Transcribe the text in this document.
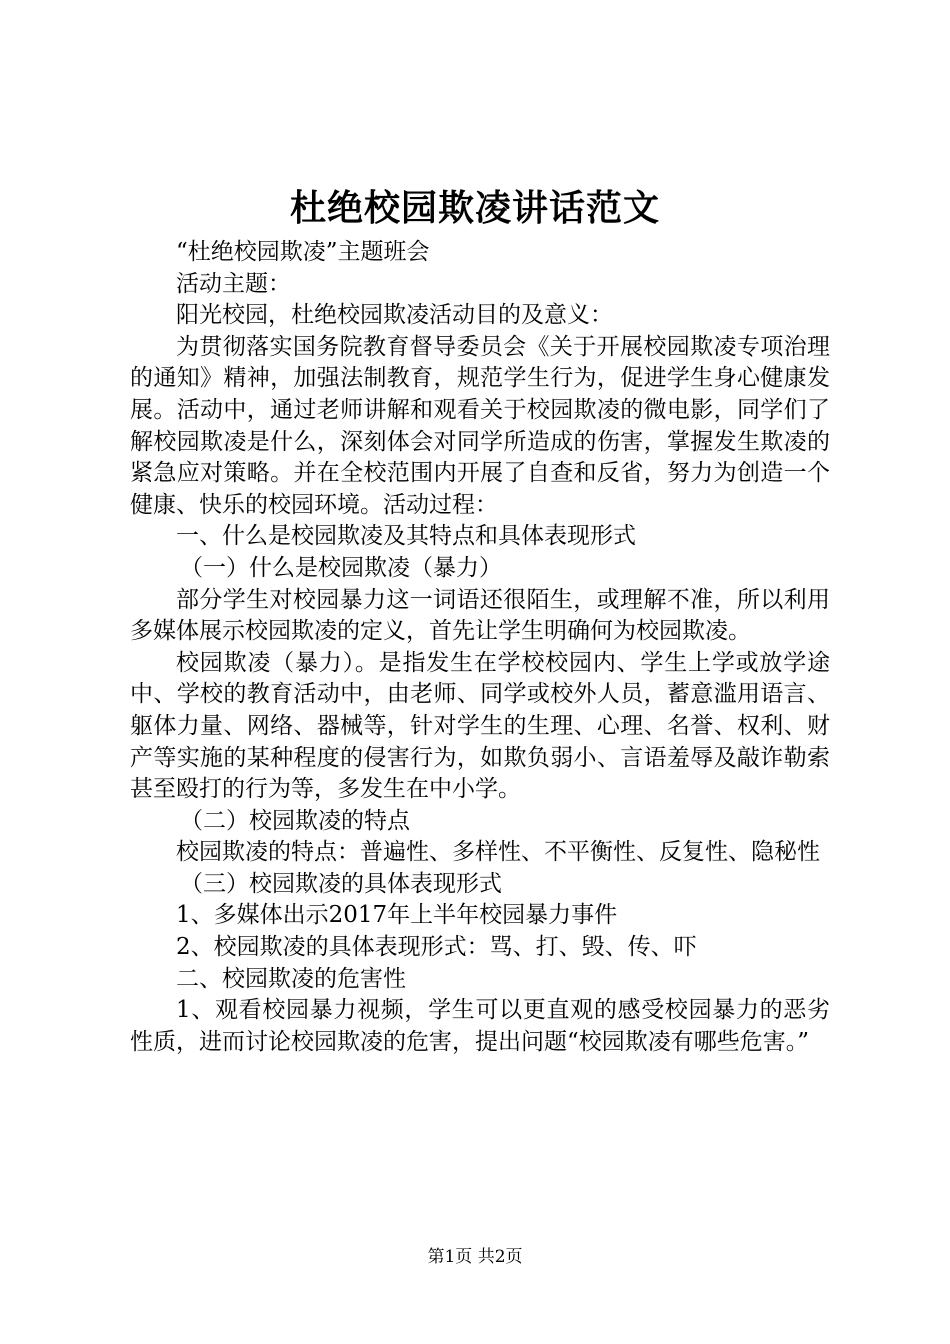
杜绝校园欺凌讲话范文

“杜绝校园欺凌”主题班会

活动主题：

阳光校园，杜绝校园欺凌活动目的及意义：

为贯彻落实国务院教育督导委员会《关于开展校园欺凌专项治理的通知》精神，加强法制教育，规范学生行为，促进学生身心健康发展。活动中，通过老师讲解和观看关于校园欺凌的微电影，同学们了解校园欺凌是什么，深刻体会对同学所造成的伤害，掌握发生欺凌的紧急应对策略。并在全校范围内开展了自查和反省，努力为创造一个健康、快乐的校园环境。活动过程：

一、什么是校园欺凌及其特点和具体表现形式

（一）什么是校园欺凌（暴力）

部分学生对校园暴力这一词语还很陌生，或理解不准，所以利用多媒体展示校园欺凌的定义，首先让学生明确何为校园欺凌。

校园欺凌（暴力）。是指发生在学校校园内、学生上学或放学途中、学校的教育活动中，由老师、同学或校外人员，蓄意滥用语言、躯体力量、网络、器械等，针对学生的生理、心理、名誉、权利、财产等实施的某种程度的侵害行为，如欺负弱小、言语羞辱及敲诈勒索甚至殴打的行为等，多发生在中小学。

（二）校园欺凌的特点

校园欺凌的特点：普遍性、多样性、不平衡性、反复性、隐秘性

（三）校园欺凌的具体表现形式

1、多媒体出示2017年上半年校园暴力事件

2、校园欺凌的具体表现形式：骂、打、毁、传、吓

二、校园欺凌的危害性

1、观看校园暴力视频，学生可以更直观的感受校园暴力的恶劣性质，进而讨论校园欺凌的危害，提出问题“校园欺凌有哪些危害。”

第1页 共2页
